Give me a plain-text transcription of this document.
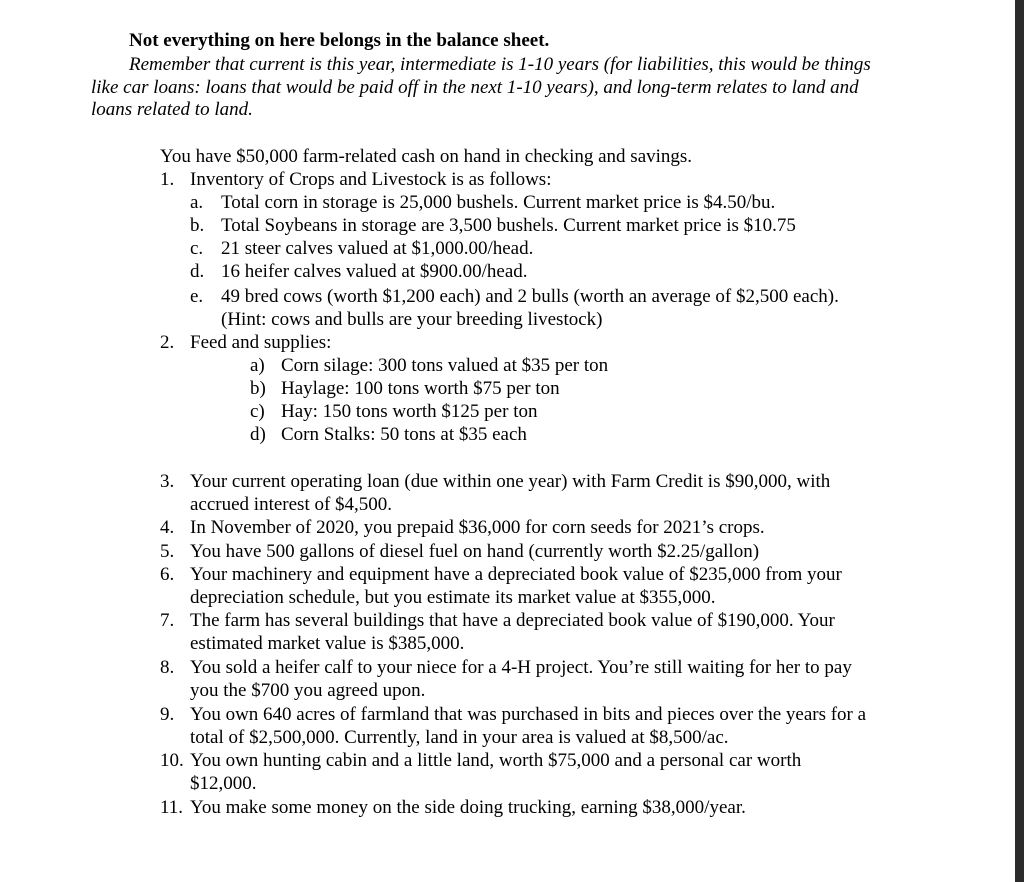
Not everything on here belongs in the balance sheet.
Remember that current is this year, intermediate is 1-10 years (for liabilities, this would be things like car loans: loans that would be paid off in the next 1-10 years), and long-term relates to land and loans related to land.
You have $50,000 farm-related cash on hand in checking and savings.
1. Inventory of Crops and Livestock is as follows:
a. Total corn in storage is 25,000 bushels. Current market price is $4.50/bu.
b. Total Soybeans in storage are 3,500 bushels. Current market price is $10.75
c. 21 steer calves valued at $1,000.00/head.
d. 16 heifer calves valued at $900.00/head.
e. 49 bred cows (worth $1,200 each) and 2 bulls (worth an average of $2,500 each).
(Hint: cows and bulls are your breeding livestock)
2. Feed and supplies:
a) Corn silage: 300 tons valued at $35 per ton
b) Haylage: 100 tons worth $75 per ton
c) Hay: 150 tons worth $125 per ton
d) Corn Stalks: 50 tons at $35 each
3. Your current operating loan (due within one year) with Farm Credit is $90,000, with
accrued interest of $4,500.
4. In November of 2020, you prepaid $36,000 for corn seeds for 2021’s crops.
5. You have 500 gallons of diesel fuel on hand (currently worth $2.25/gallon)
6. Your machinery and equipment have a depreciated book value of $235,000 from your
depreciation schedule, but you estimate its market value at $355,000.
7. The farm has several buildings that have a depreciated book value of $190,000. Your
estimated market value is $385,000.
8. You sold a heifer calf to your niece for a 4-H project. You’re still waiting for her to pay
you the $700 you agreed upon.
9. You own 640 acres of farmland that was purchased in bits and pieces over the years for a
total of $2,500,000. Currently, land in your area is valued at $8,500/ac.
10. You own hunting cabin and a little land, worth $75,000 and a personal car worth
$12,000.
11. You make some money on the side doing trucking, earning $38,000/year.
